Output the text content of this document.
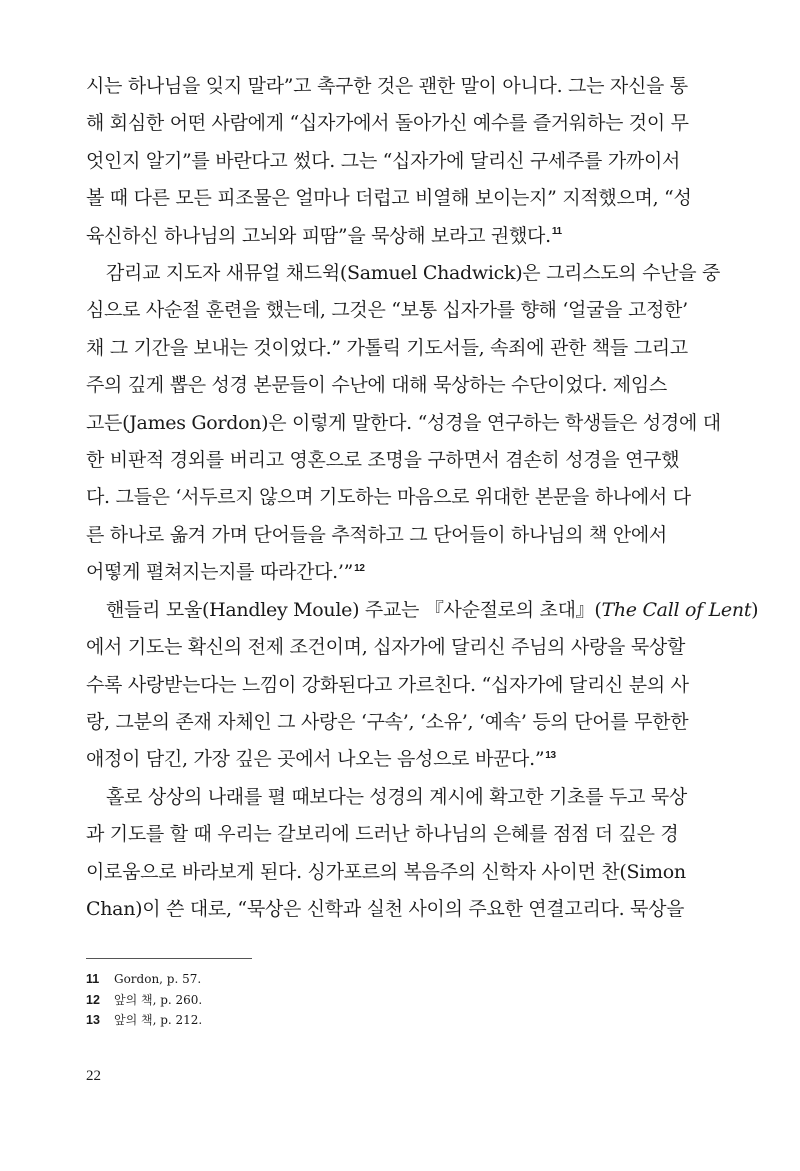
시는 하나님을 잊지 말라”고 촉구한 것은 괜한 말이 아니다. 그는 자신을 통
해 회심한 어떤 사람에게 “십자가에서 돌아가신 예수를 즐거워하는 것이 무
엇인지 알기”를 바란다고 썼다. 그는 “십자가에 달리신 구세주를 가까이서
볼 때 다른 모든 피조물은 얼마나 더럽고 비열해 보이는지” 지적했으며, “성
육신하신 하나님의 고뇌와 피땀”을 묵상해 보라고 권했다.$^{11}$

감리교 지도자 새뮤얼 채드윅(Samuel Chadwick)은 그리스도의 수난을 중
심으로 사순절 훈련을 했는데, 그것은 “보통 십자가를 향해 ‘얼굴을 고정한’
채 그 기간을 보내는 것이었다.” 가톨릭 기도서들, 속죄에 관한 책들 그리고
주의 깊게 뽑은 성경 본문들이 수난에 대해 묵상하는 수단이었다. 제임스
고든(James Gordon)은 이렇게 말한다. “성경을 연구하는 학생들은 성경에 대
한 비판적 경외를 버리고 영혼으로 조명을 구하면서 겸손히 성경을 연구했
다. 그들은 ‘서두르지 않으며 기도하는 마음으로 위대한 본문을 하나에서 다
른 하나로 옮겨 가며 단어들을 추적하고 그 단어들이 하나님의 책 안에서
어떻게 펼쳐지는지를 따라간다.’”$^{12}$

핸들리 모울(Handley Moule) 주교는 『사순절로의 초대』(The Call of Lent)
에서 기도는 확신의 전제 조건이며, 십자가에 달리신 주님의 사랑을 묵상할
수록 사랑받는다는 느낌이 강화된다고 가르친다. “십자가에 달리신 분의 사
랑, 그분의 존재 자체인 그 사랑은 ‘구속’, ‘소유’, ‘예속’ 등의 단어를 무한한
애정이 담긴, 가장 깊은 곳에서 나오는 음성으로 바꾼다.”$^{13}$

홀로 상상의 나래를 펼 때보다는 성경의 계시에 확고한 기초를 두고 묵상
과 기도를 할 때 우리는 갈보리에 드러난 하나님의 은혜를 점점 더 깊은 경
이로움으로 바라보게 된다. 싱가포르의 복음주의 신학자 사이먼 찬(Simon
Chan)이 쓴 대로, “묵상은 신학과 실천 사이의 주요한 연결고리다. 묵상을

11	Gordon, p. 57.
12	앞의 책, p. 260.
13	앞의 책, p. 212.
22
